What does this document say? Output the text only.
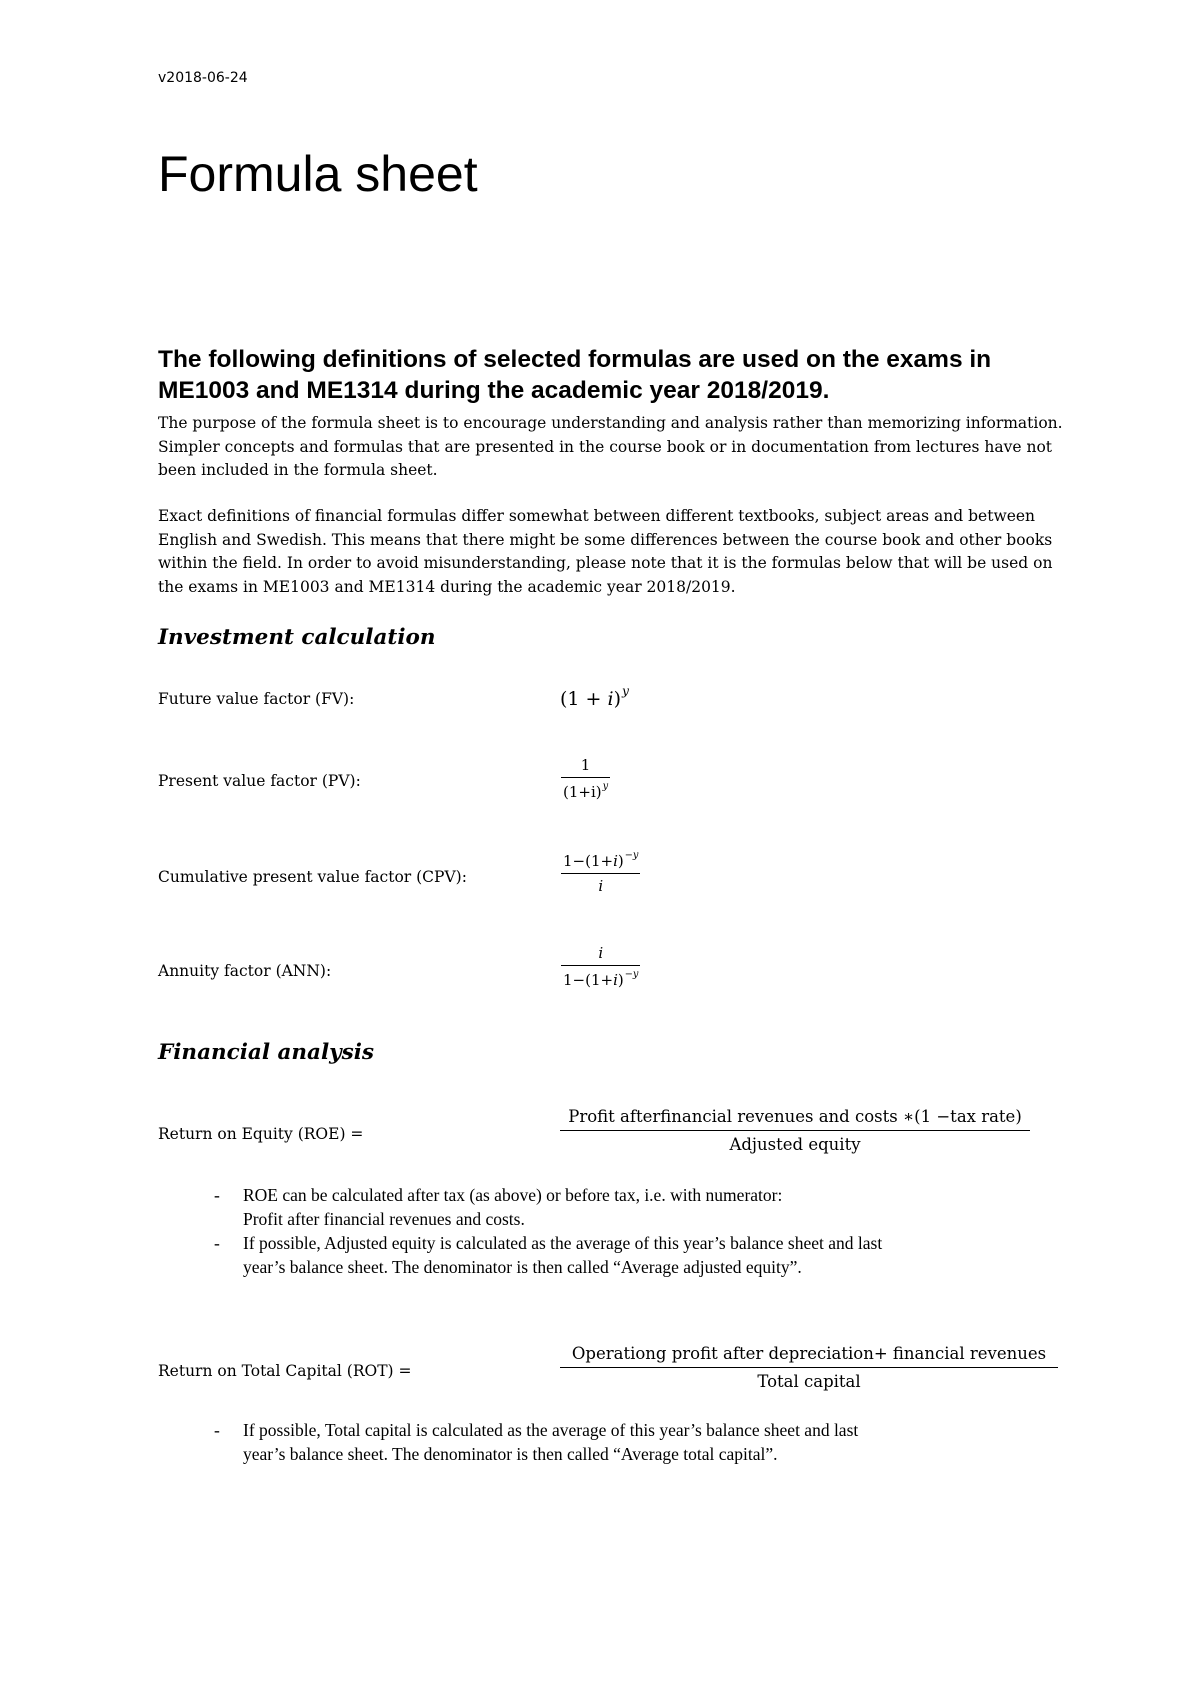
v2018-06-24
Formula sheet
The following definitions of selected formulas are used on the exams in
ME1003 and ME1314 during the academic year 2018/2019.
The purpose of the formula sheet is to encourage understanding and analysis rather than memorizing information. Simpler concepts and formulas that are presented in the course book or in documentation from lectures have not been included in the formula sheet.
Exact definitions of financial formulas differ somewhat between different textbooks, subject areas and between English and Swedish. This means that there might be some differences between the course book and other books within the field. In order to avoid misunderstanding, please note that it is the formulas below that will be used on the exams in ME1003 and ME1314 during the academic year 2018/2019.
Investment calculation
Future value factor (FV):	$(1 + i)^y$
Present value factor (PV):
1
$(1+i)^y$
Cumulative present value factor (CPV):
$1-(1+i)^{-y}$
i
Annuity factor (ANN):
i
$1-(1+i)^{-y}$
Financial analysis
Return on Equity (ROE) =
Profit afterfinancial revenues and costs ∗(1 −tax rate)
Adjusted equity
- ROE can be calculated after tax (as above) or before tax, i.e. with numerator:
Profit after financial revenues and costs.
- If possible, Adjusted equity is calculated as the average of this year’s balance sheet and last
year’s balance sheet. The denominator is then called “Average adjusted equity”.
Return on Total Capital (ROT) =
Operationg profit after depreciation+ financial revenues
Total capital
- If possible, Total capital is calculated as the average of this year’s balance sheet and last
year’s balance sheet. The denominator is then called “Average total capital”.
